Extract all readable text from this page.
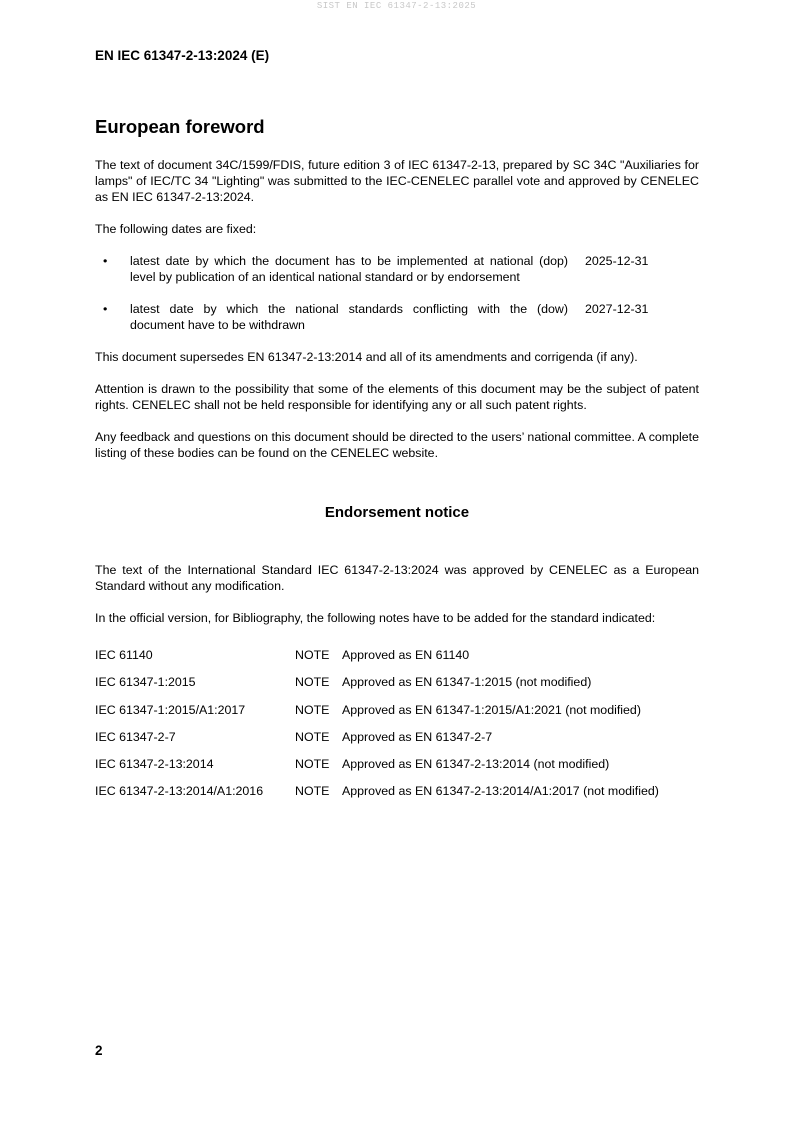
SIST EN IEC 61347-2-13:2025
EN IEC 61347-2-13:2024 (E)
European foreword

The text of document 34C/1599/FDIS, future edition 3 of IEC 61347-2-13, prepared by SC 34C "Auxiliaries for lamps" of IEC/TC 34 "Lighting" was submitted to the IEC-CENELEC parallel vote and approved by CENELEC as EN IEC 61347-2-13:2024.

The following dates are fixed:

•	latest date by which the document has to be implemented at national (dop)
level by publication of an identical national standard or by endorsement
2025-12-31
•	latest date by which the national standards conflicting with the (dow)
document have to be withdrawn
2027-12-31

This document supersedes EN 61347-2-13:2014 and all of its amendments and corrigenda (if any).

Attention is drawn to the possibility that some of the elements of this document may be the subject of patent rights. CENELEC shall not be held responsible for identifying any or all such patent rights.

Any feedback and questions on this document should be directed to the users’ national committee. A complete listing of these bodies can be found on the CENELEC website.

Endorsement notice

The text of the International Standard IEC 61347-2-13:2024 was approved by CENELEC as a European Standard without any modification.

In the official version, for Bibliography, the following notes have to be added for the standard indicated:

IEC 61140	NOTE	Approved as EN 61140
IEC 61347-1:2015	NOTE	Approved as EN 61347-1:2015 (not modified)
IEC 61347-1:2015/A1:2017	NOTE	Approved as EN 61347-1:2015/A1:2021 (not modified)
IEC 61347-2-7	NOTE	Approved as EN 61347-2-7
IEC 61347-2-13:2014	NOTE	Approved as EN 61347-2-13:2014 (not modified)
IEC 61347-2-13:2014/A1:2016	NOTE	Approved as EN 61347-2-13:2014/A1:2017 (not modified)
2
